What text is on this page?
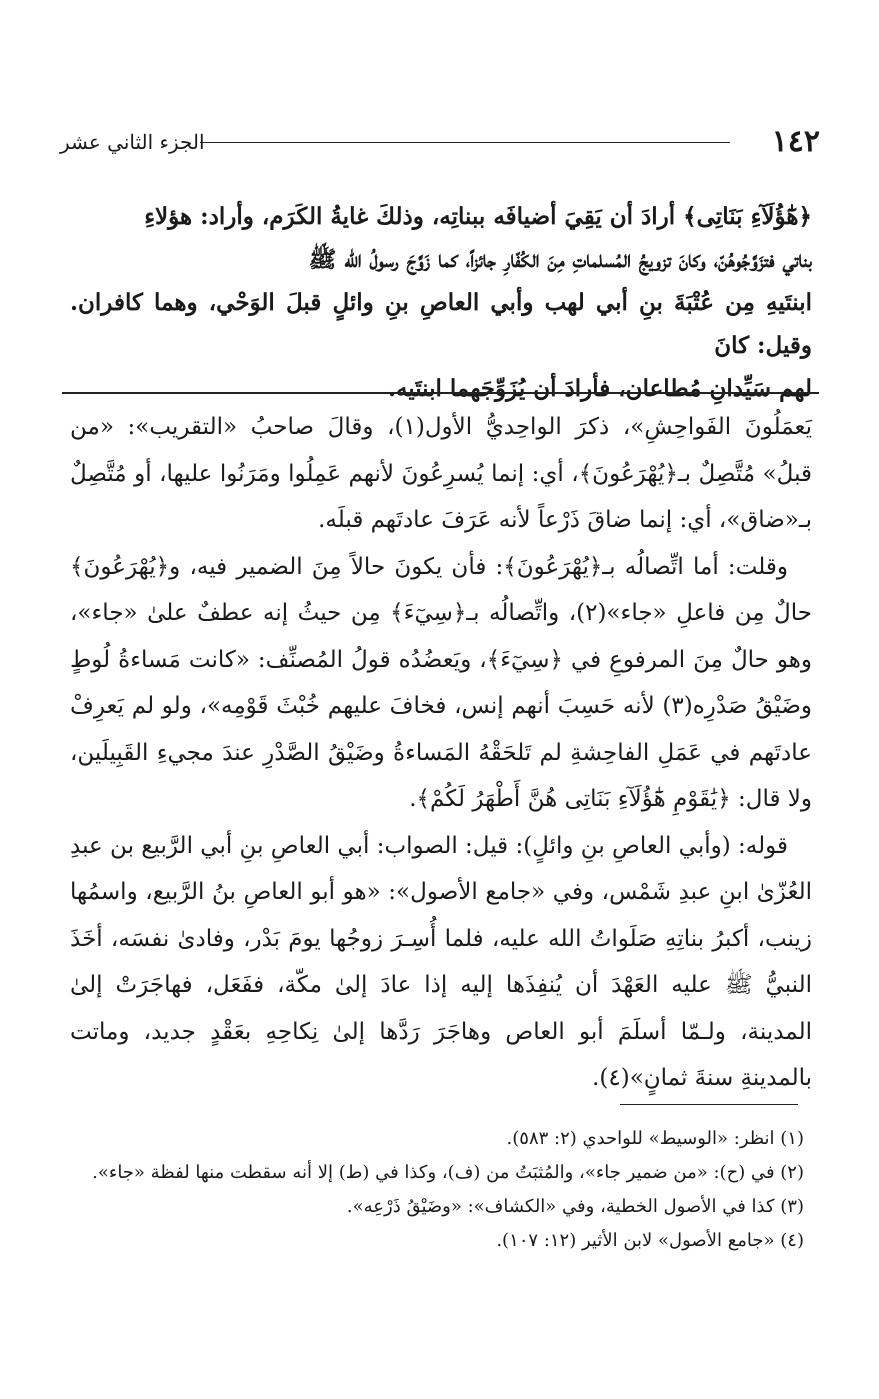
١٤٢
الجزء الثاني عشر

﴿هَٰٓؤُلَآءِ بَنَاتِى﴾ أرادَ أن يَقِيَ أضيافَه ببناتِه، وذلكَ غايةُ الكَرَم، وأراد: هؤلاءِ

بناتي فتزَوَّجُوهُنّ، وكانَ تزويجُ المُسلماتِ مِنَ الكُفّارِ جائزاً، كما زَوَّجَ رسولُ الله ﷺ

ابنتَيهِ مِن عُتْبَةَ بنِ أبي لهب وأبي العاصِ بنِ وائلٍ قبلَ الوَحْي، وهما كافران. وقيل: كانَ

لهم سَيِّدانِ مُطاعان، فأرادَ أن يُزَوِّجَهما ابنتَيه.

يَعمَلُونَ الفَواحِشِ»، ذكرَ الواحِديُّ الأول(١)، وقالَ صاحبُ «التقريب»: «من قبلُ» مُتَّصِلٌ بـ﴿يُهْرَعُونَ﴾، أي: إنما يُسرِعُونَ لأنهم عَمِلُوا ومَرَنُوا عليها، أو مُتَّصِلٌ بـ«ضاق»، أي: إنما ضاقَ ذَرْعاً لأنه عَرَفَ عادتَهم قبلَه.

وقلت: أما اتِّصالُه بـ﴿يُهْرَعُونَ﴾: فأن يكونَ حالاً مِنَ الضمير فيه، و﴿يُهْرَعُونَ﴾ حالٌ مِن فاعلِ «جاء»(٢)، واتِّصالُه بـ﴿سِيٓءَ﴾ مِن حيثُ إنه عطفٌ علىٰ «جاء»، وهو حالٌ مِنَ المرفوعِ في ﴿سِيٓءَ﴾، ويَعضُدُه قولُ المُصنِّف: «كانت مَساءةُ لُوطٍ وضَيْقُ صَدْرِه(٣) لأنه حَسِبَ أنهم إنس، فخافَ عليهم خُبْثَ قَوْمِه»، ولو لم يَعرِفْ عادتَهم في عَمَلِ الفاحِشةِ لم تَلحَقْهُ المَساءةُ وضَيْقُ الصَّدْرِ عندَ مجيءِ القَبِيلَين، ولا قال: ﴿يَٰقَوْمِ هَٰٓؤُلَآءِ بَنَاتِى هُنَّ أَطْهَرُ لَكُمْ﴾.

قوله: (وأبي العاصِ بنِ وائلٍ): قيل: الصواب: أبي العاصِ بنِ أبي الرَّبيع بن عبدِ العُزّىٰ ابنِ عبدِ شَمْس، وفي «جامع الأصول»: «هو أبو العاصِ بنُ الرَّبيع، واسمُها زينب، أكبرُ بناتِهِ صَلَواتُ الله عليه، فلما أُسِـرَ زوجُها يومَ بَدْر، وفادىٰ نفسَه، أخَذَ النبيُّ ﷺ عليه العَهْدَ أن يُنفِذَها إليه إذا عادَ إلىٰ مكّة، ففَعَل، فهاجَرَتْ إلىٰ المدينة، ولـمّا أسلَمَ أبو العاص وهاجَرَ رَدَّها إلىٰ نِكاحِهِ بعَقْدٍ جديد، وماتت بالمدينةِ سنةَ ثمانٍ»(٤).

(١) انظر: «الوسيط» للواحدي (٢: ٥٨٣).

(٢) في (ح): «من ضمير جاء»، والمُثبَتُ من (ف)، وكذا في (ط) إلا أنه سقطت منها لفظة «جاء».

(٣) كذا في الأصول الخطية، وفي «الكشاف»: «وضَيْقُ ذَرْعِه».

(٤) «جامع الأصول» لابن الأثير (١٢: ١٠٧).
